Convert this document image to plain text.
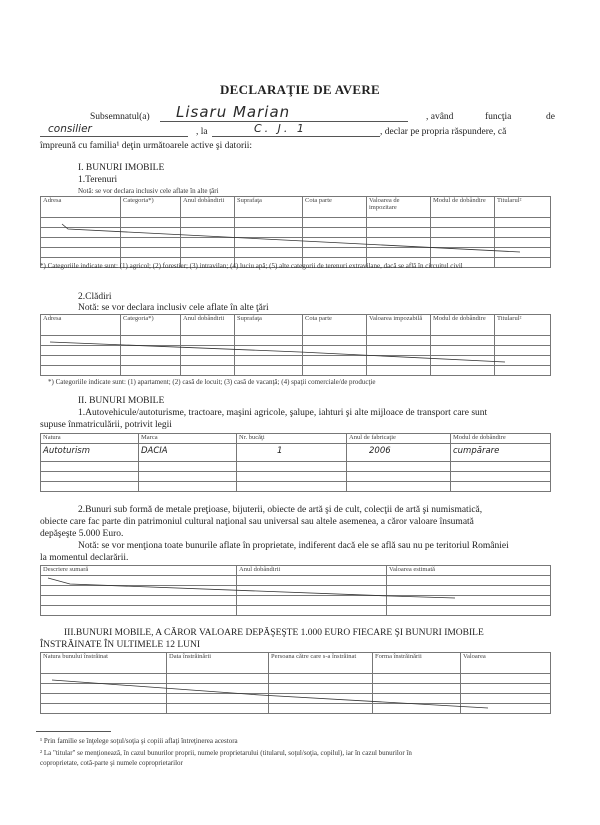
DECLARAŢIE DE AVERE
Subsemnatul(a) Lisaru Marian	, având	funcţia	de
consilier	, la	C. J. 1	, declar pe propria răspundere, că
împreună cu familia¹ deţin următoarele active şi datorii:
I. BUNURI IMOBILE
1.Terenuri
Notă: se vor declara inclusiv cele aflate în alte ţări
Adresa	Categoria*)	Anul dobândirii	Suprafaţa	Cota parte	Valoarea de impozitare	Modul de dobândire	Titularul²

*) Categoriile indicate sunt: (1) agricol; (2) forestier; (3) intravilan; (4) luciu apă; (5) alte categorii de terenuri extravilane, dacă se află în circuitul civil
2.Clădiri
Notă: se vor declara inclusiv cele aflate în alte ţări
Adresa	Categoria*)	Anul dobândirii	Suprafaţa	Cota parte	Valoarea impozabilă	Modul de dobândire	Titularul²

*) Categoriile indicate sunt: (1) apartament; (2) casă de locuit; (3) casă de vacanţă; (4) spaţii comerciale/de producţie
II. BUNURI MOBILE
1.Autovehicule/autoturisme, tractoare, maşini agricole, şalupe, iahturi şi alte mijloace de transport care sunt
supuse înmatriculării, potrivit legii
Natura	Marca	Nr. bucăţi	Anul de fabricaţie	Modul de dobândire
Autoturism	DACIA	1	2006	cumpărare

2.Bunuri sub formă de metale preţioase, bijuterii, obiecte de artă şi de cult, colecţii de artă şi numismatică,
obiecte care fac parte din patrimoniul cultural naţional sau universal sau altele asemenea, a căror valoare însumată
depăşeşte 5.000 Euro.
Notă: se vor menţiona toate bunurile aflate în proprietate, indiferent dacă ele se află sau nu pe teritoriul României
la momentul declarării.
Descriere sumară	Anul dobândirii	Valoarea estimată

III.BUNURI MOBILE, A CĂROR VALOARE DEPĂŞEŞTE 1.000 EURO FIECARE ŞI BUNURI IMOBILE
ÎNSTRĂINATE ÎN ULTIMELE 12 LUNI
Natura bunului înstrăinat	Data înstrăinării	Persoana către care s-a înstrăinat	Forma înstrăinării	Valoarea

¹ Prin familie se înţelege soţul/soţia şi copiii aflaţi întreţinerea acestora
² La "titular" se menţionează, în cazul bunurilor proprii, numele proprietarului (titularul, soţul/soţia, copilul), iar în cazul bunurilor în
coproprietate, cotă-parte şi numele coproprietarilor
